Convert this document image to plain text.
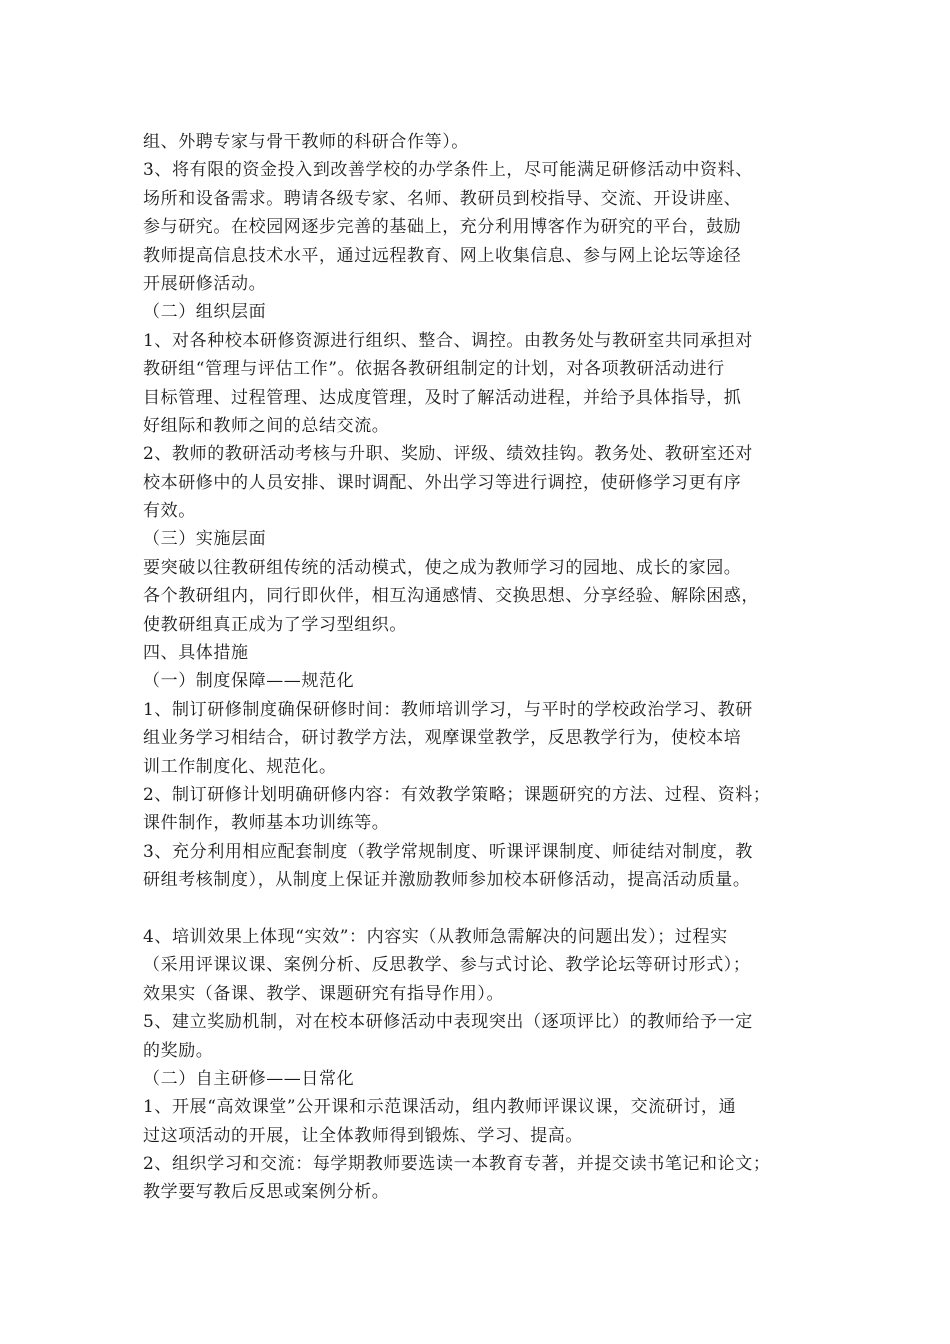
组、外聘专家与骨干教师的科研合作等）。
3、将有限的资金投入到改善学校的办学条件上，尽可能满足研修活动中资料、
场所和设备需求。聘请各级专家、名师、教研员到校指导、交流、开设讲座、
参与研究。在校园网逐步完善的基础上，充分利用博客作为研究的平台，鼓励
教师提高信息技术水平，通过远程教育、网上收集信息、参与网上论坛等途径
开展研修活动。
（二）组织层面
1、对各种校本研修资源进行组织、整合、调控。由教务处与教研室共同承担对
教研组“管理与评估工作”。依据各教研组制定的计划，对各项教研活动进行
目标管理、过程管理、达成度管理，及时了解活动进程，并给予具体指导，抓
好组际和教师之间的总结交流。
2、教师的教研活动考核与升职、奖励、评级、绩效挂钩。教务处、教研室还对
校本研修中的人员安排、课时调配、外出学习等进行调控，使研修学习更有序
有效。
（三）实施层面
要突破以往教研组传统的活动模式，使之成为教师学习的园地、成长的家园。
各个教研组内，同行即伙伴，相互沟通感情、交换思想、分享经验、解除困惑，
使教研组真正成为了学习型组织。
四、具体措施
（一）制度保障——规范化
1、制订研修制度确保研修时间：教师培训学习，与平时的学校政治学习、教研
组业务学习相结合，研讨教学方法，观摩课堂教学，反思教学行为，使校本培
训工作制度化、规范化。
2、制订研修计划明确研修内容：有效教学策略；课题研究的方法、过程、资料；
课件制作，教师基本功训练等。
3、充分利用相应配套制度（教学常规制度、听课评课制度、师徒结对制度，教
研组考核制度），从制度上保证并激励教师参加校本研修活动，提高活动质量。
4、培训效果上体现“实效”：内容实（从教师急需解决的问题出发）；过程实
（采用评课议课、案例分析、反思教学、参与式讨论、教学论坛等研讨形式）；
效果实（备课、教学、课题研究有指导作用）。
5、建立奖励机制，对在校本研修活动中表现突出（逐项评比）的教师给予一定
的奖励。
（二）自主研修——日常化
1、开展“高效课堂”公开课和示范课活动，组内教师评课议课，交流研讨，通
过这项活动的开展，让全体教师得到锻炼、学习、提高。
2、组织学习和交流：每学期教师要选读一本教育专著，并提交读书笔记和论文；
教学要写教后反思或案例分析。
